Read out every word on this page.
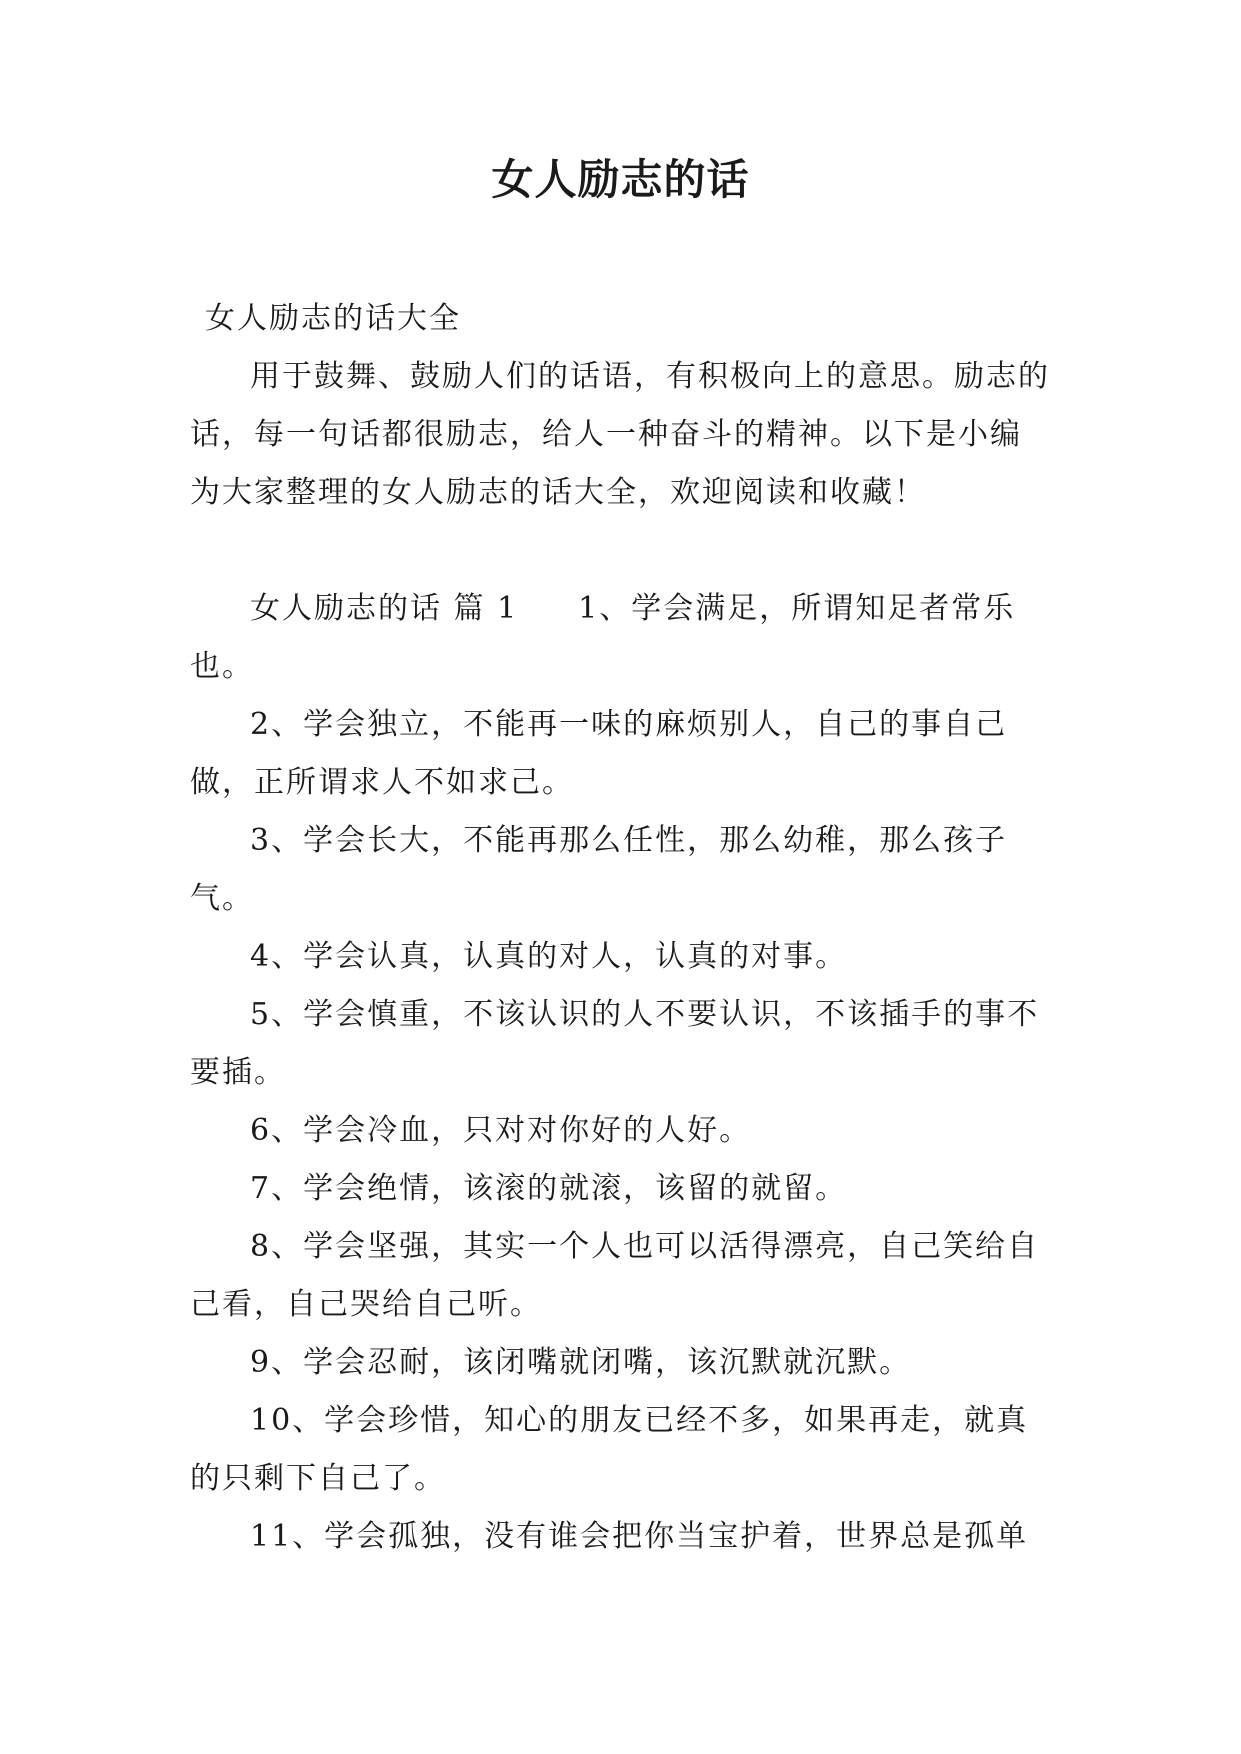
女人励志的话

女人励志的话大全

用于鼓舞、鼓励人们的话语，有积极向上的意思。励志的话，每一句话都很励志，给人一种奋斗的精神。以下是小编为大家整理的女人励志的话大全，欢迎阅读和收藏！

女人励志的话 篇 1 1、学会满足，所谓知足者常乐也。

2、学会独立，不能再一味的麻烦别人，自己的事自己做，正所谓求人不如求己。

3、学会长大，不能再那么任性，那么幼稚，那么孩子气。

4、学会认真，认真的对人，认真的对事。

5、学会慎重，不该认识的人不要认识，不该插手的事不要插。

6、学会冷血，只对对你好的人好。

7、学会绝情，该滚的就滚，该留的就留。

8、学会坚强，其实一个人也可以活得漂亮，自己笑给自己看，自己哭给自己听。

9、学会忍耐，该闭嘴就闭嘴，该沉默就沉默。

10、学会珍惜，知心的朋友已经不多，如果再走，就真的只剩下自己了。

11、学会孤独，没有谁会把你当宝护着，世界总是孤单
